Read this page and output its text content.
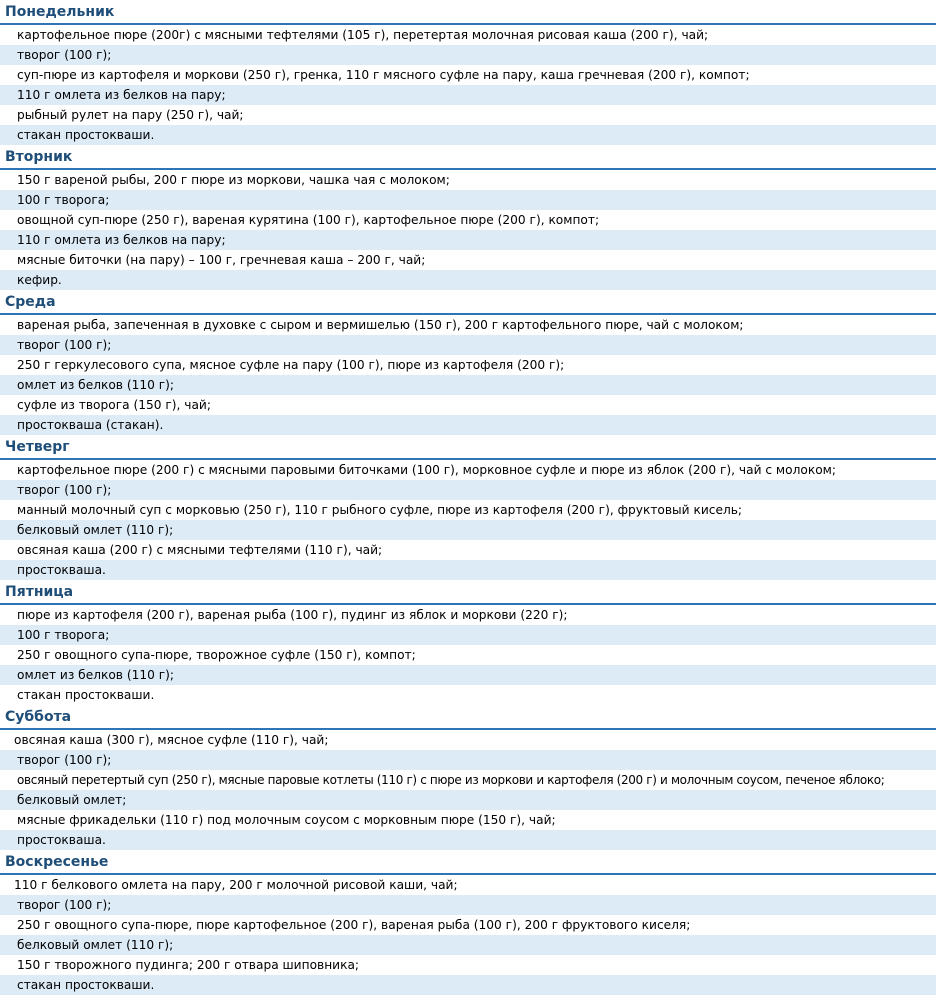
Понедельник
картофельное пюре (200г) с мясными тефтелями (105 г), перетертая молочная рисовая каша (200 г), чай;
творог (100 г);
суп-пюре из картофеля и моркови (250 г), гренка, 110 г мясного суфле на пару, каша гречневая (200 г), компот;
110 г омлета из белков на пару;
рыбный рулет на пару (250 г), чай;
стакан простокваши.
Вторник
150 г вареной рыбы, 200 г пюре из моркови, чашка чая с молоком;
100 г творога;
овощной суп-пюре (250 г), вареная курятина (100 г), картофельное пюре (200 г), компот;
110 г омлета из белков на пару;
мясные биточки (на пару) – 100 г, гречневая каша – 200 г, чай;
кефир.
Среда
вареная рыба, запеченная в духовке с сыром и вермишелью (150 г), 200 г картофельного пюре, чай с молоком;
творог (100 г);
250 г геркулесового супа, мясное суфле на пару (100 г), пюре из картофеля (200 г);
омлет из белков (110 г);
суфле из творога (150 г), чай;
простокваша (стакан).
Четверг
картофельное пюре (200 г) с мясными паровыми биточками (100 г), морковное суфле и пюре из яблок (200 г), чай с молоком;
творог (100 г);
манный молочный суп с морковью (250 г), 110 г рыбного суфле, пюре из картофеля (200 г), фруктовый кисель;
белковый омлет (110 г);
овсяная каша (200 г) с мясными тефтелями (110 г), чай;
простокваша.
Пятница
пюре из картофеля (200 г), вареная рыба (100 г), пудинг из яблок и моркови (220 г);
100 г творога;
250 г овощного супа-пюре, творожное суфле (150 г), компот;
омлет из белков (110 г);
стакан простокваши.
Суббота
овсяная каша (300 г), мясное суфле (110 г), чай;
творог (100 г);
овсяный перетертый суп (250 г), мясные паровые котлеты (110 г) с пюре из моркови и картофеля (200 г) и молочным соусом, печеное яблоко;
белковый омлет;
мясные фрикадельки (110 г) под молочным соусом с морковным пюре (150 г), чай;
простокваша.
Воскресенье
110 г белкового омлета на пару, 200 г молочной рисовой каши, чай;
творог (100 г);
250 г овощного супа-пюре, пюре картофельное (200 г), вареная рыба (100 г), 200 г фруктового киселя;
белковый омлет (110 г);
150 г творожного пудинга; 200 г отвара шиповника;
стакан простокваши.
